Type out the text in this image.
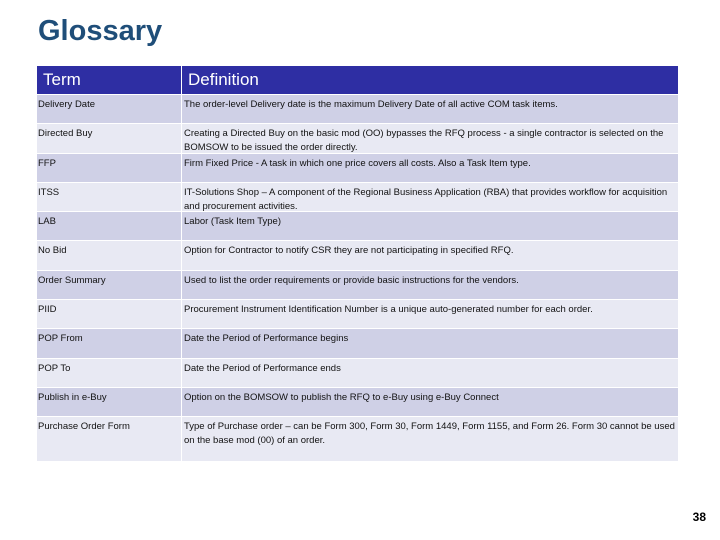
Glossary
Term	Definition
Delivery Date	The order-level Delivery date is the maximum Delivery Date of all active COM task items.
Directed Buy	Creating a Directed Buy on the basic mod (OO) bypasses the RFQ process - a single contractor is selected on the BOMSOW to be issued the order directly.
FFP	Firm Fixed Price - A task in which one price covers all costs. Also a Task Item type.
ITSS	IT-Solutions Shop – A component of the Regional Business Application (RBA) that provides workflow for acquisition and procurement activities.
LAB	Labor (Task Item Type)
No Bid	Option for Contractor to notify CSR they are not participating in specified RFQ.
Order Summary	Used to list the order requirements or provide basic instructions for the vendors.
PIID	Procurement Instrument Identification Number is a unique auto-generated number for each order.
POP From	Date the Period of Performance begins
POP To	Date the Period of Performance ends
Publish in e-Buy	Option on the BOMSOW to publish the RFQ to e-Buy using e-Buy Connect
Purchase Order Form	Type of Purchase order – can be Form 300, Form 30, Form 1449, Form 1155, and Form 26. Form 30 cannot be used on the base mod (00) of an order.
38
